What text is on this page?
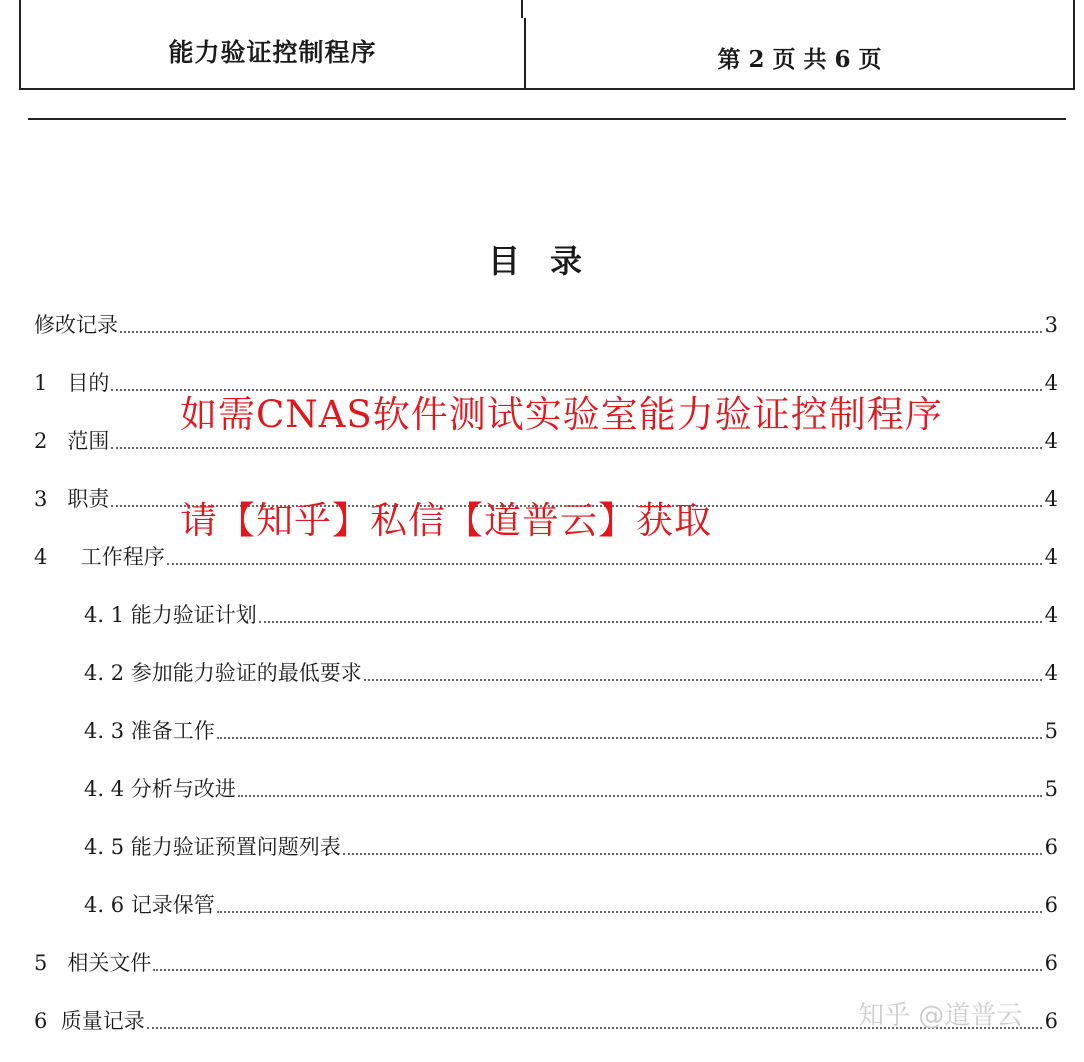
能力验证控制程序	第 2 页 共 6 页
目录
修改记录	3
1   目的	4
2   范围	4
3   职责	4
4     工作程序	4
4. 1 能力验证计划	4
4. 2 参加能力验证的最低要求	4
4. 3 准备工作	5
4. 4 分析与改进	5
4. 5 能力验证预置问题列表	6
4. 6 记录保管	6
5   相关文件	6
6  质量记录	6
如需CNAS软件测试实验室能力验证控制程序
请【知乎】私信【道普云】获取
知乎 @道普云
